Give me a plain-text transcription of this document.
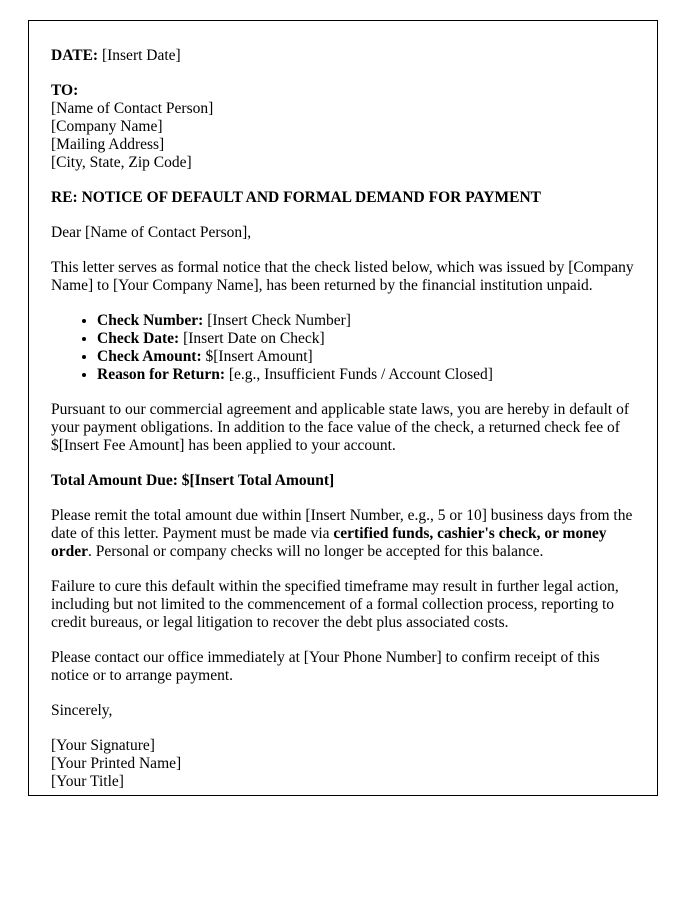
DATE: [Insert Date]
TO:
[Name of Contact Person]
[Company Name]
[Mailing Address]
[City, State, Zip Code]
RE: NOTICE OF DEFAULT AND FORMAL DEMAND FOR PAYMENT

Dear [Name of Contact Person],

This letter serves as formal notice that the check listed below, which was issued by [Company Name] to [Your Company Name], has been returned by the financial institution unpaid.

• Check Number: [Insert Check Number]
• Check Date: [Insert Date on Check]
• Check Amount: $[Insert Amount]
• Reason for Return: [e.g., Insufficient Funds / Account Closed]

Pursuant to our commercial agreement and applicable state laws, you are hereby in default of your payment obligations. In addition to the face value of the check, a returned check fee of $[Insert Fee Amount] has been applied to your account.

Total Amount Due: $[Insert Total Amount]

Please remit the total amount due within [Insert Number, e.g., 5 or 10] business days from the date of this letter. Payment must be made via certified funds, cashier's check, or money order. Personal or company checks will no longer be accepted for this balance.

Failure to cure this default within the specified timeframe may result in further legal action, including but not limited to the commencement of a formal collection process, reporting to credit bureaus, or legal litigation to recover the debt plus associated costs.

Please contact our office immediately at [Your Phone Number] to confirm receipt of this notice or to arrange payment.

Sincerely,

[Your Signature]
[Your Printed Name]
[Your Title]
